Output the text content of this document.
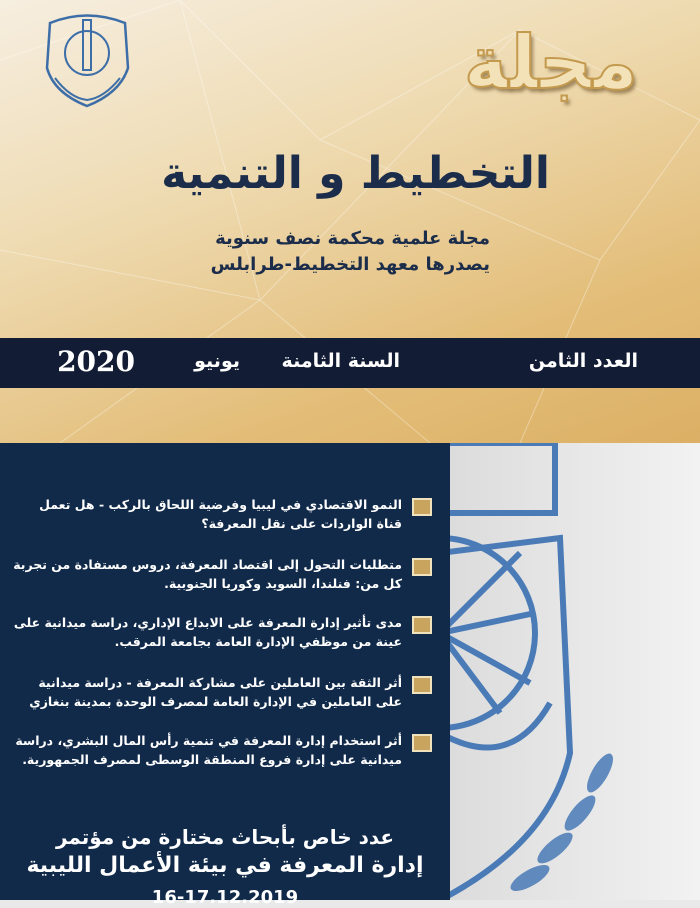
مجلة
التخطيط و التنمية
مجلة علمية محكمة نصف سنوية
يصدرها معهد التخطيط-طرابلس
العدد الثامن
السنة الثامنة
يونيو
2020
النمو الاقتصادي في ليبيا وفرضية اللحاق بالركب - هل تعمل قناة الواردات على نقل المعرفة؟
متطلبات التحول إلى اقتصاد المعرفة، دروس مستفادة من تجربة كل من: فنلندا، السويد وكوريا الجنوبية.
مدى تأثير إدارة المعرفة على الابداع الإداري، دراسة ميدانية على عينة من موظفي الإدارة العامة بجامعة المرقب.
أثر الثقة بين العاملين على مشاركة المعرفة - دراسة ميدانية على العاملين في الإدارة العامة لمصرف الوحدة بمدينة بنغازي
أثر استخدام إدارة المعرفة في تنمية رأس المال البشري، دراسة ميدانية على إدارة فروع المنطقة الوسطى لمصرف الجمهورية.
عدد خاص بأبحاث مختارة من مؤتمر
إدارة المعرفة في بيئة الأعمال الليبية
16-17.12.2019
